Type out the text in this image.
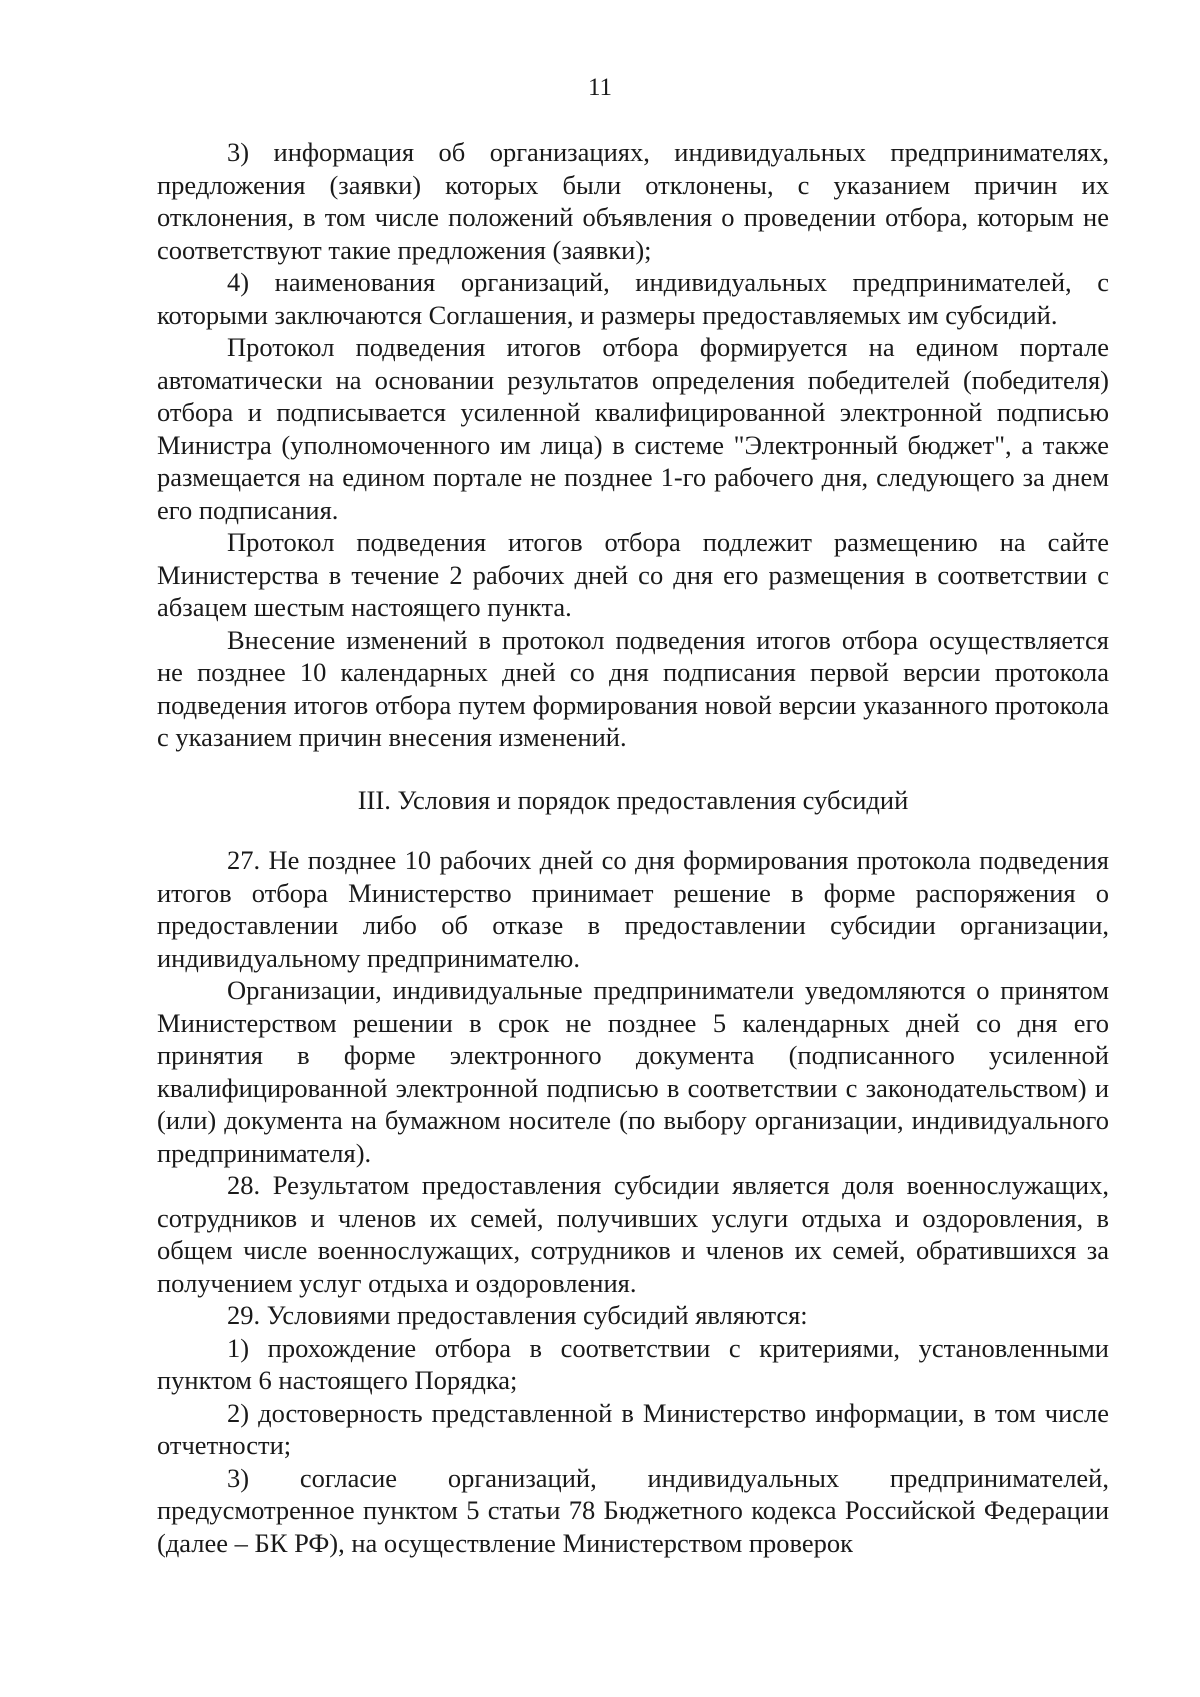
11

3) информация об организациях, индивидуальных предпринимателях, предложения (заявки) которых были отклонены, с указанием причин их отклонения, в том числе положений объявления о проведении отбора, которым не соответствуют такие предложения (заявки);

4) наименования организаций, индивидуальных предпринимателей, с которыми заключаются Соглашения, и размеры предоставляемых им субсидий.

Протокол подведения итогов отбора формируется на едином портале автоматически на основании результатов определения победителей (победителя) отбора и подписывается усиленной квалифицированной электронной подписью Министра (уполномоченного им лица) в системе "Электронный бюджет", а также размещается на едином портале не позднее 1-го рабочего дня, следующего за днем его подписания.

Протокол подведения итогов отбора подлежит размещению на сайте Министерства в течение 2 рабочих дней со дня его размещения в соответствии с абзацем шестым настоящего пункта.

Внесение изменений в протокол подведения итогов отбора осуществляется не позднее 10 календарных дней со дня подписания первой версии протокола подведения итогов отбора путем формирования новой версии указанного протокола с указанием причин внесения изменений.

III. Условия и порядок предоставления субсидий

27. Не позднее 10 рабочих дней со дня формирования протокола подведения итогов отбора Министерство принимает решение в форме распоряжения о предоставлении либо об отказе в предоставлении субсидии организации, индивидуальному предпринимателю.

Организации, индивидуальные предприниматели уведомляются о принятом Министерством решении в срок не позднее 5 календарных дней со дня его принятия в форме электронного документа (подписанного усиленной квалифицированной электронной подписью в соответствии с законодательством) и (или) документа на бумажном носителе (по выбору организации, индивидуального предпринимателя).

28. Результатом предоставления субсидии является доля военнослужащих, сотрудников и членов их семей, получивших услуги отдыха и оздоровления, в общем числе военнослужащих, сотрудников и членов их семей, обратившихся за получением услуг отдыха и оздоровления.

29. Условиями предоставления субсидий являются:

1) прохождение отбора в соответствии с критериями, установленными пунктом 6 настоящего Порядка;

2) достоверность представленной в Министерство информации, в том числе отчетности;

3) согласие организаций, индивидуальных предпринимателей, предусмотренное пунктом 5 статьи 78 Бюджетного кодекса Российской Федерации (далее – БК РФ), на осуществление Министерством проверок
